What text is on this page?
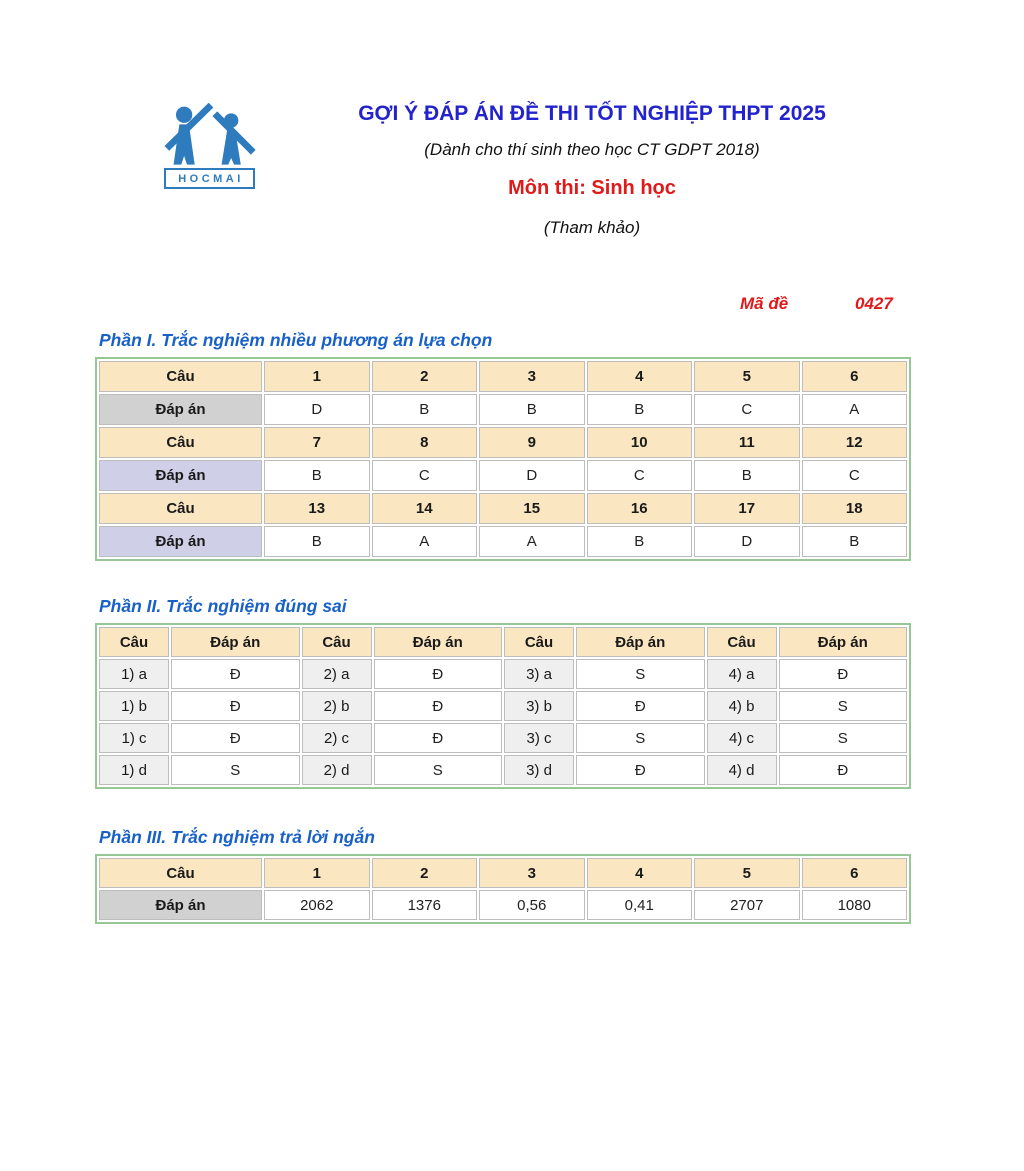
HOCMAI
GỢI Ý ĐÁP ÁN ĐỀ THI TỐT NGHIỆP THPT 2025
(Dành cho thí sinh theo học CT GDPT 2018)
Môn thi: Sinh học
(Tham khảo)
Mã đề	0427
Phần I. Trắc nghiệm nhiều phương án lựa chọn
Câu	1	2	3	4	5	6
Đáp án	D	B	B	B	C	A
Câu	7	8	9	10	11	12
Đáp án	B	C	D	C	B	C
Câu	13	14	15	16	17	18
Đáp án	B	A	A	B	D	B
Phần II. Trắc nghiệm đúng sai
Câu	Đáp án	Câu	Đáp án	Câu	Đáp án	Câu	Đáp án
1) a	Đ	2) a	Đ	3) a	S	4) a	Đ
1) b	Đ	2) b	Đ	3) b	Đ	4) b	S
1) c	Đ	2) c	Đ	3) c	S	4) c	S
1) d	S	2) d	S	3) d	Đ	4) d	Đ
Phần III. Trắc nghiệm trả lời ngắn
Câu	1	2	3	4	5	6
Đáp án	2062	1376	0,56	0,41	2707	1080
